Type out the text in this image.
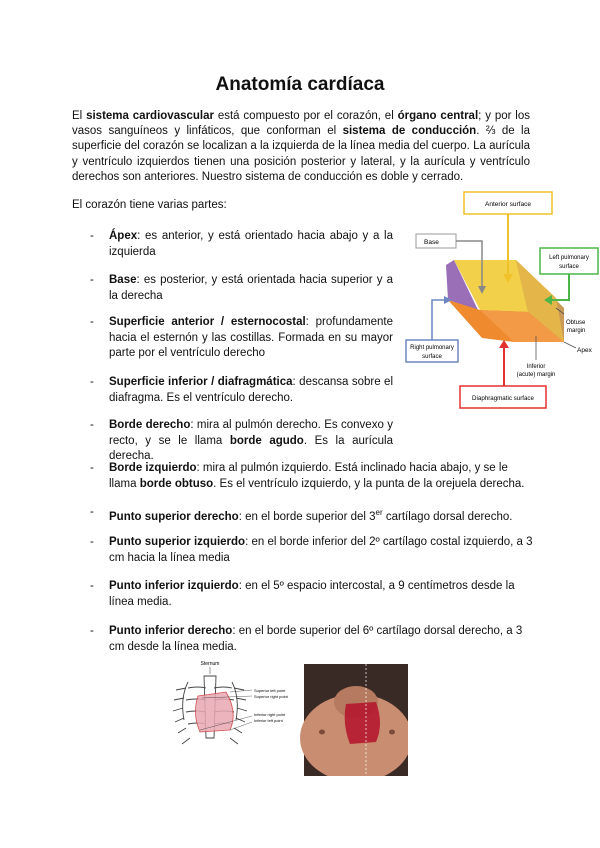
Anatomía cardíaca
El sistema cardiovascular está compuesto por el corazón, el órgano central; y por los vasos sanguíneos y linfáticos, que conforman el sistema de conducción. ⅔ de la superficie del corazón se localizan a la izquierda de la línea media del cuerpo. La aurícula y ventrículo izquierdos tienen una posición posterior y lateral, y la aurícula y ventrículo derechos son anteriores. Nuestro sistema de conducción es doble y cerrado.
El corazón tiene varias partes:
- Ápex: es anterior, y está orientado hacia abajo y a la izquierda
- Base: es posterior, y está orientada hacia superior y a la derecha
- Superficie anterior / esternocostal: profundamente hacia el esternón y las costillas. Formada en su mayor parte por el ventrículo derecho
- Superficie inferior / diafragmática: descansa sobre el diafragma. Es el ventrículo derecho.
- Borde derecho: mira al pulmón derecho. Es convexo y recto, y se le llama borde agudo. Es la aurícula derecha.
- Borde izquierdo: mira al pulmón izquierdo. Está inclinado hacia abajo, y se le llama borde obtuso. Es el ventrículo izquierdo, y la punta de la orejuela derecha.
- Punto superior derecho: en el borde superior del 3er cartílago dorsal derecho.
- Punto superior izquierdo: en el borde inferior del 2º cartílago costal izquierdo, a 3 cm hacia la línea media
- Punto inferior izquierdo: en el 5º espacio intercostal, a 9 centímetros desde la línea media.
- Punto inferior derecho: en el borde superior del 6º cartílago dorsal derecho, a 3 cm desde la línea media.
Anterior surface
Base
Left pulmonary
surface
Right pulmonary
surface
Obtuse
margin
Apex
Inferior
(acute) margin
Diaphragmatic surface
Sternum
Superior left point
Superior right point
Inferior right point
Inferior left point
